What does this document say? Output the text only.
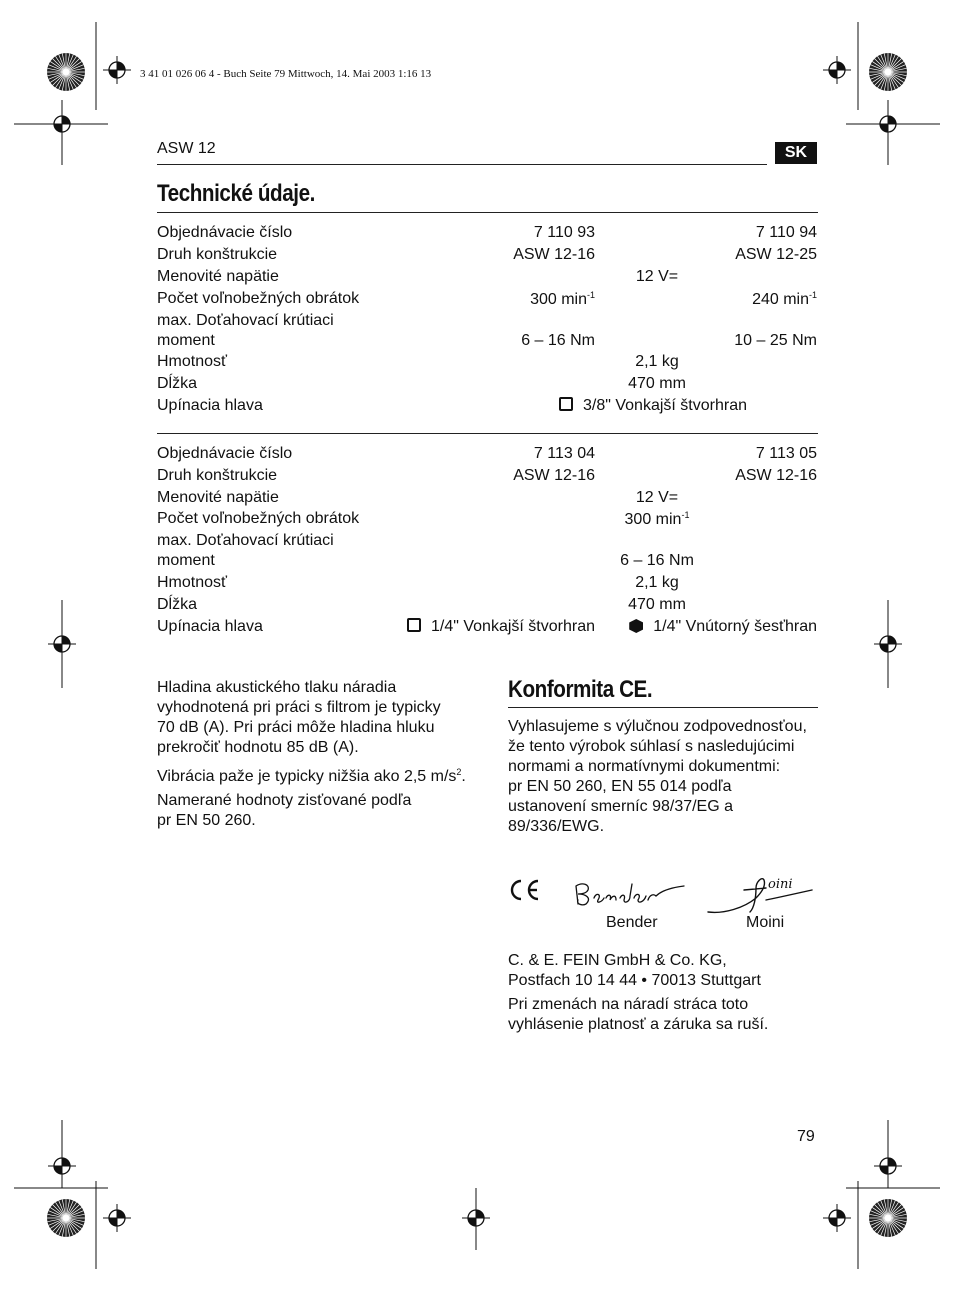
3 41 01 026 06 4 - Buch Seite 79 Mittwoch, 14. Mai 2003 1:16 13
ASW 12	SK
Technické údaje.
Objednávacie číslo	7 110 93	7 110 94
Druh konštrukcie	ASW 12-16	ASW 12-25
Menovité napätie	12 V=
Počet voľnobežných obrátok	300 $\min^{-1}$	240 $\min^{-1}$
max. Doťahovací krútiaci
moment	6 – 16 Nm	10 – 25 Nm
Hmotnosť	2,1 kg
Dĺžka	470 mm
Upínacia hlava	3/8" Vonkajší štvorhran
Objednávacie číslo	7 113 04	7 113 05
Druh konštrukcie	ASW 12-16	ASW 12-16
Menovité napätie	12 V=
Počet voľnobežných obrátok	300 $\min^{-1}$
max. Doťahovací krútiaci
moment	6 – 16 Nm
Hmotnosť	2,1 kg
Dĺžka	470 mm
Upínacia hlava	1/4" Vonkajší štvorhran	1/4" Vnútorný šesťhran

Hladina akustického tlaku náradia
vyhodnotená pri práci s filtrom je typicky
70 dB (A). Pri práci môže hladina hluku
prekročiť hodnotu 85 dB (A).

Vibrácia paže je typicky nižšia ako 2,5 $m/s^2$.

Namerané hodnoty zisťované podľa
pr EN 50 260.

Konformita CE.

Vyhlasujeme s výlučnou zodpovednosťou,
že tento výrobok súhlasí s nasledujúcimi
normami a normatívnymi dokumentmi:
pr EN 50 260, EN 55 014 podľa
ustanovení smerníc 98/37/EG a
89/336/EWG.

oini
Bender	Moini

C. & E. FEIN GmbH & Co. KG,
Postfach 10 14 44 • 70013 Stuttgart

Pri zmenách na náradí stráca toto
vyhlásenie platnosť a záruka sa ruší.

79
